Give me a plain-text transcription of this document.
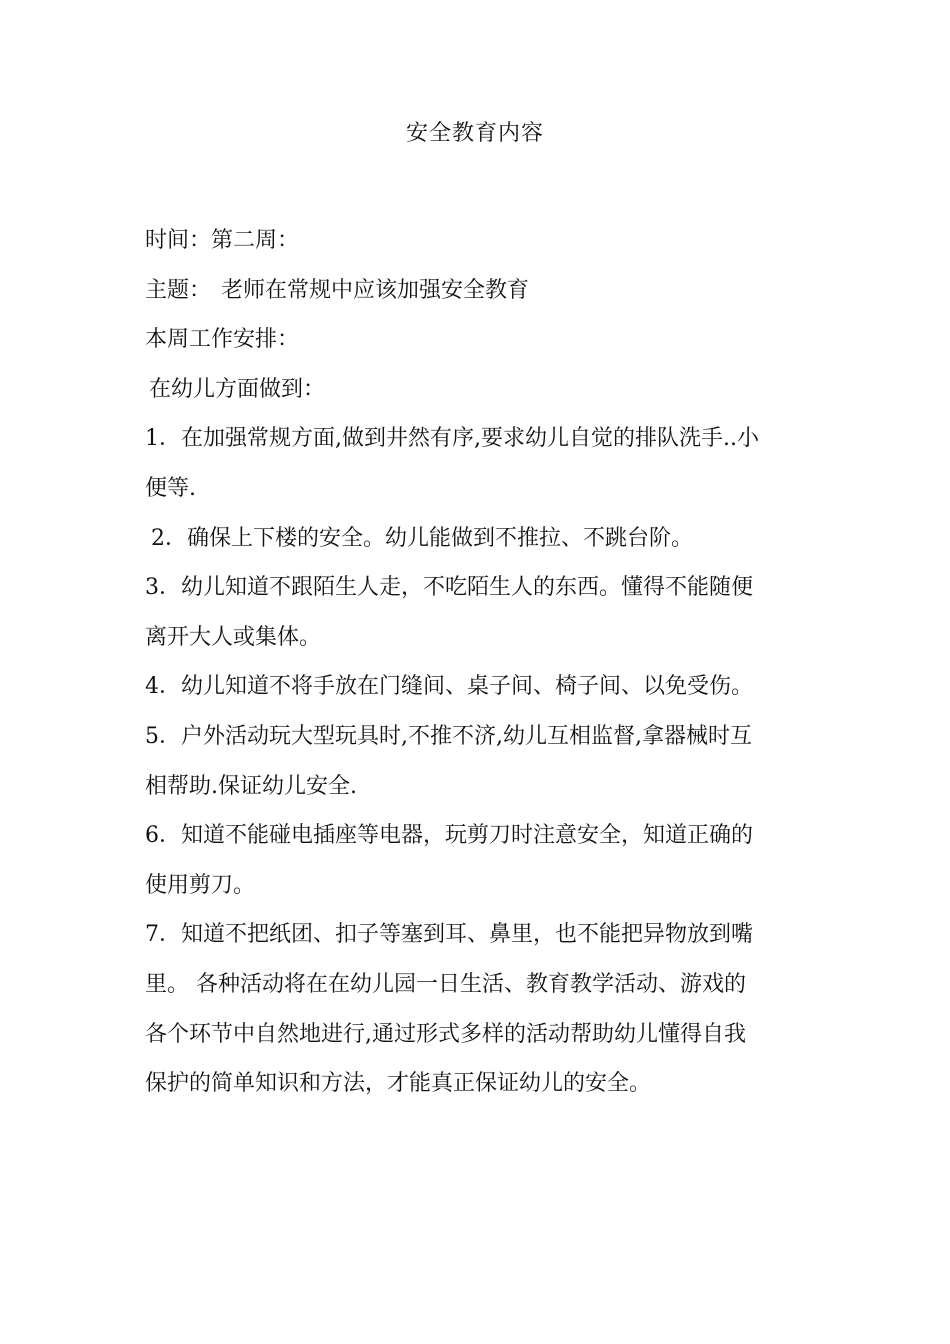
安全教育内容
时间：第二周：
主题： 老师在常规中应该加强安全教育
本周工作安排：
在幼儿方面做到：
1．在加强常规方面,做到井然有序,要求幼儿自觉的排队洗手..小
便等.
2．确保上下楼的安全。幼儿能做到不推拉、不跳台阶。
3．幼儿知道不跟陌生人走，不吃陌生人的东西。懂得不能随便
离开大人或集体。
4．幼儿知道不将手放在门缝间、桌子间、椅子间、以免受伤。
5．户外活动玩大型玩具时,不推不济,幼儿互相监督,拿器械时互
相帮助.保证幼儿安全.
6．知道不能碰电插座等电器，玩剪刀时注意安全，知道正确的
使用剪刀。
7．知道不把纸团、扣子等塞到耳、鼻里，也不能把异物放到嘴
里。 各种活动将在在幼儿园一日生活、教育教学活动、游戏的
各个环节中自然地进行,通过形式多样的活动帮助幼儿懂得自我
保护的简单知识和方法，才能真正保证幼儿的安全。
